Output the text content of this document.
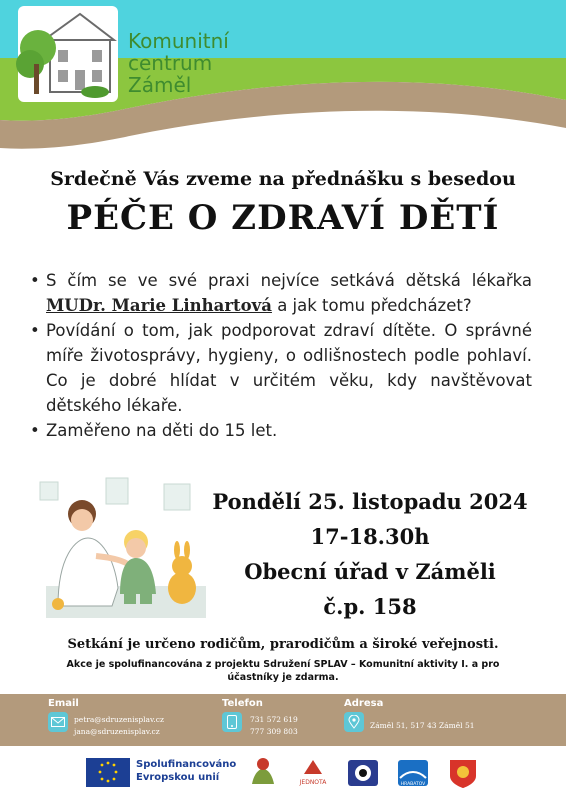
Komunitní
centrum
Záměl
Srdečně Vás zveme na přednášku s besedou
PÉČE O ZDRAVÍ DĚTÍ
• S čím se ve své praxi nejvíce setkává dětská lékařka MUDr. Marie Linhartová a jak tomu předcházet?
• Povídání o tom, jak podporovat zdraví dítěte. O správné míře životosprávy, hygieny, o odlišnostech podle pohlaví. Co je dobré hlídat v určitém věku, kdy navštěvovat dětského lékaře.
• Zaměřeno na děti do 15 let.
Pondělí 25. listopadu 2024
17-18.30h
Obecní úřad v Záměli
č.p. 158
Setkání je určeno rodičům, prarodičům a široké veřejnosti.
Akce je spolufinancována z projektu Sdružení SPLAV – Komunitní aktivity I. a pro účastníky je zdarma.
Email
petra@sdruzenisplav.cz
jana@sdruzenisplav.cz
Telefon
731 572 619
777 309 803
Adresa
Záměl 51, 517 43 Záměl 51
Spolufinancováno
Evropskou unií	JEDNOTA	HRABATOV
